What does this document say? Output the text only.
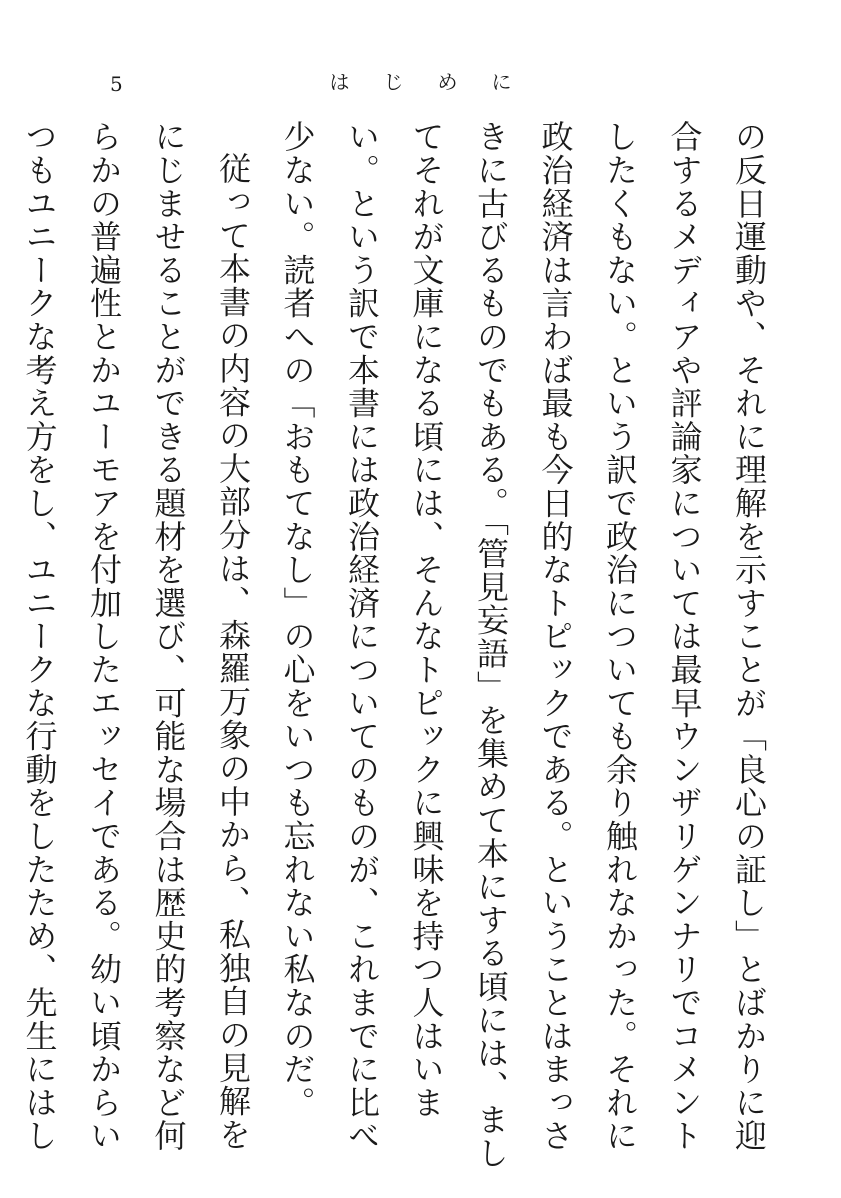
5	はじめに

の反日運動や、それに理解を示すことが「良心の証し」とばかりに迎合するメディアや評論家については最早ウンザリゲンナリでコメントしたくもない。という訳で政治についても余り触れなかった。それに政治経済は言わば最も今日的なトピックである。ということはまっさきに古びるものでもある。「管見妄語」を集めて本にする頃には、ましてそれが文庫になる頃には、そんなトピックに興味を持つ人はいまい。という訳で本書には政治経済についてのものが、これまでに比べ少ない。読者への「おもてなし」の心をいつも忘れない私なのだ。

従って本書の内容の大部分は、森羅万象の中から、私独自の見解をにじませることができる題材を選び、可能な場合は歴史的考察など何らかの普遍性とかユーモアを付加したエッセイである。幼い頃からいつもユニークな考え方をし、ユニークな行動をしたため、先生にはし
